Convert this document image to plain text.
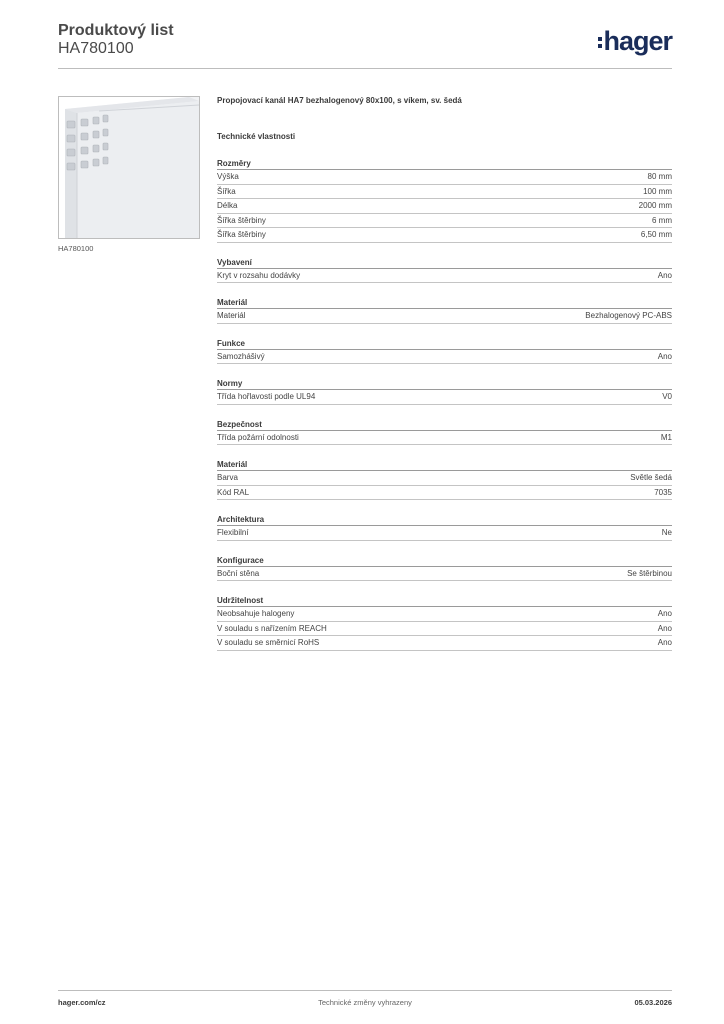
Produktový list
HA780100	hager
HA780100
Propojovací kanál HA7 bezhalogenový 80x100, s víkem, sv. šedá
Technické vlastnosti
Rozměry
Výška	80 mm
Šířka	100 mm
Délka	2000 mm
Šířka štěrbiny	6 mm
Šířka štěrbiny	6,50 mm
Vybavení
Kryt v rozsahu dodávky	Ano
Materiál
Materiál	Bezhalogenový PC-ABS
Funkce
Samozhášivý	Ano
Normy
Třída hořlavosti podle UL94	V0
Bezpečnost
Třída požární odolnosti	M1
Materiál
Barva	Světle šedá
Kód RAL	7035
Architektura
Flexibilní	Ne
Konfigurace
Boční stěna	Se štěrbinou
Udržitelnost
Neobsahuje halogeny	Ano
V souladu s nařízením REACH	Ano
V souladu se směrnicí RoHS	Ano
hager.com/cz	Technické změny vyhrazeny	05.03.2026
